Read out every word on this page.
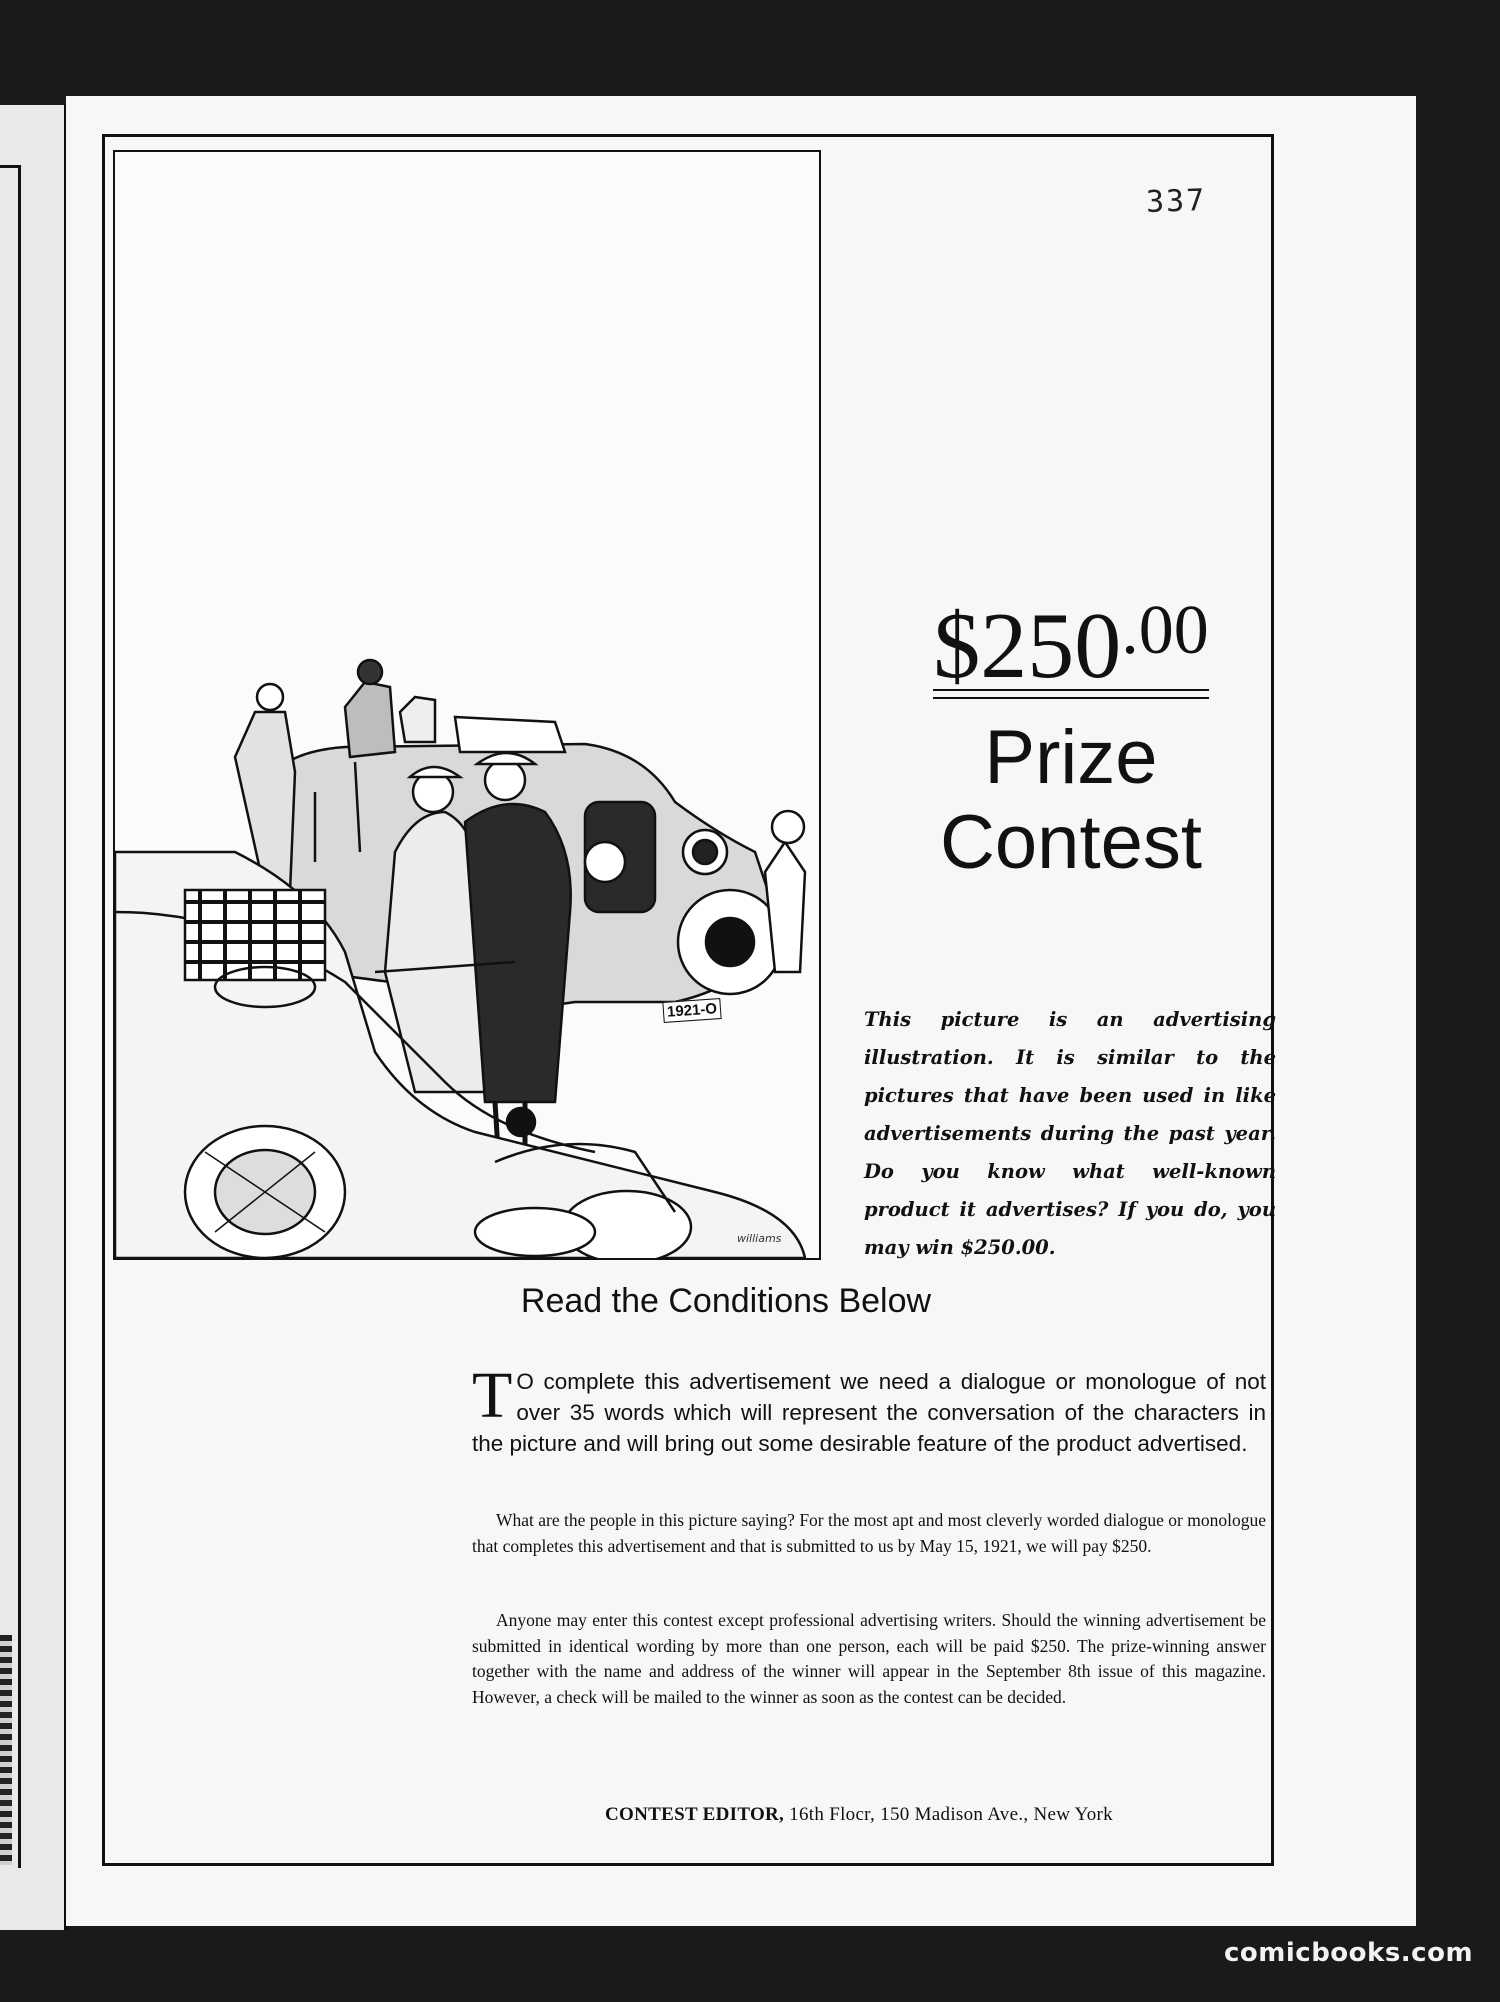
337
1921-O
williams
$\$250^{.00}$
Prize
Contest
This picture is an advertising illustration. It is similar to the pictures that have been used in like advertisements during the past year. Do you know what well-known product it advertises? If you do, you may win $250.00.
Read the Conditions Below
T O complete this advertisement we need a dialogue or monologue of not over 35 words which will represent the conversation of the characters in the picture and will bring out some desirable feature of the product advertised.
What are the people in this picture saying? For the most apt and most cleverly worded dialogue or monologue that completes this advertisement and that is submitted to us by May 15, 1921, we will pay $250.
Anyone may enter this contest except professional advertising writers. Should the winning advertisement be submitted in identical wording by more than one person, each will be paid $250. The prize-winning answer together with the name and address of the winner will appear in the September 8th issue of this magazine. However, a check will be mailed to the winner as soon as the contest can be decided.
CONTEST EDITOR, 16th Flocr, 150 Madison Ave., New York
comicbooks.com
